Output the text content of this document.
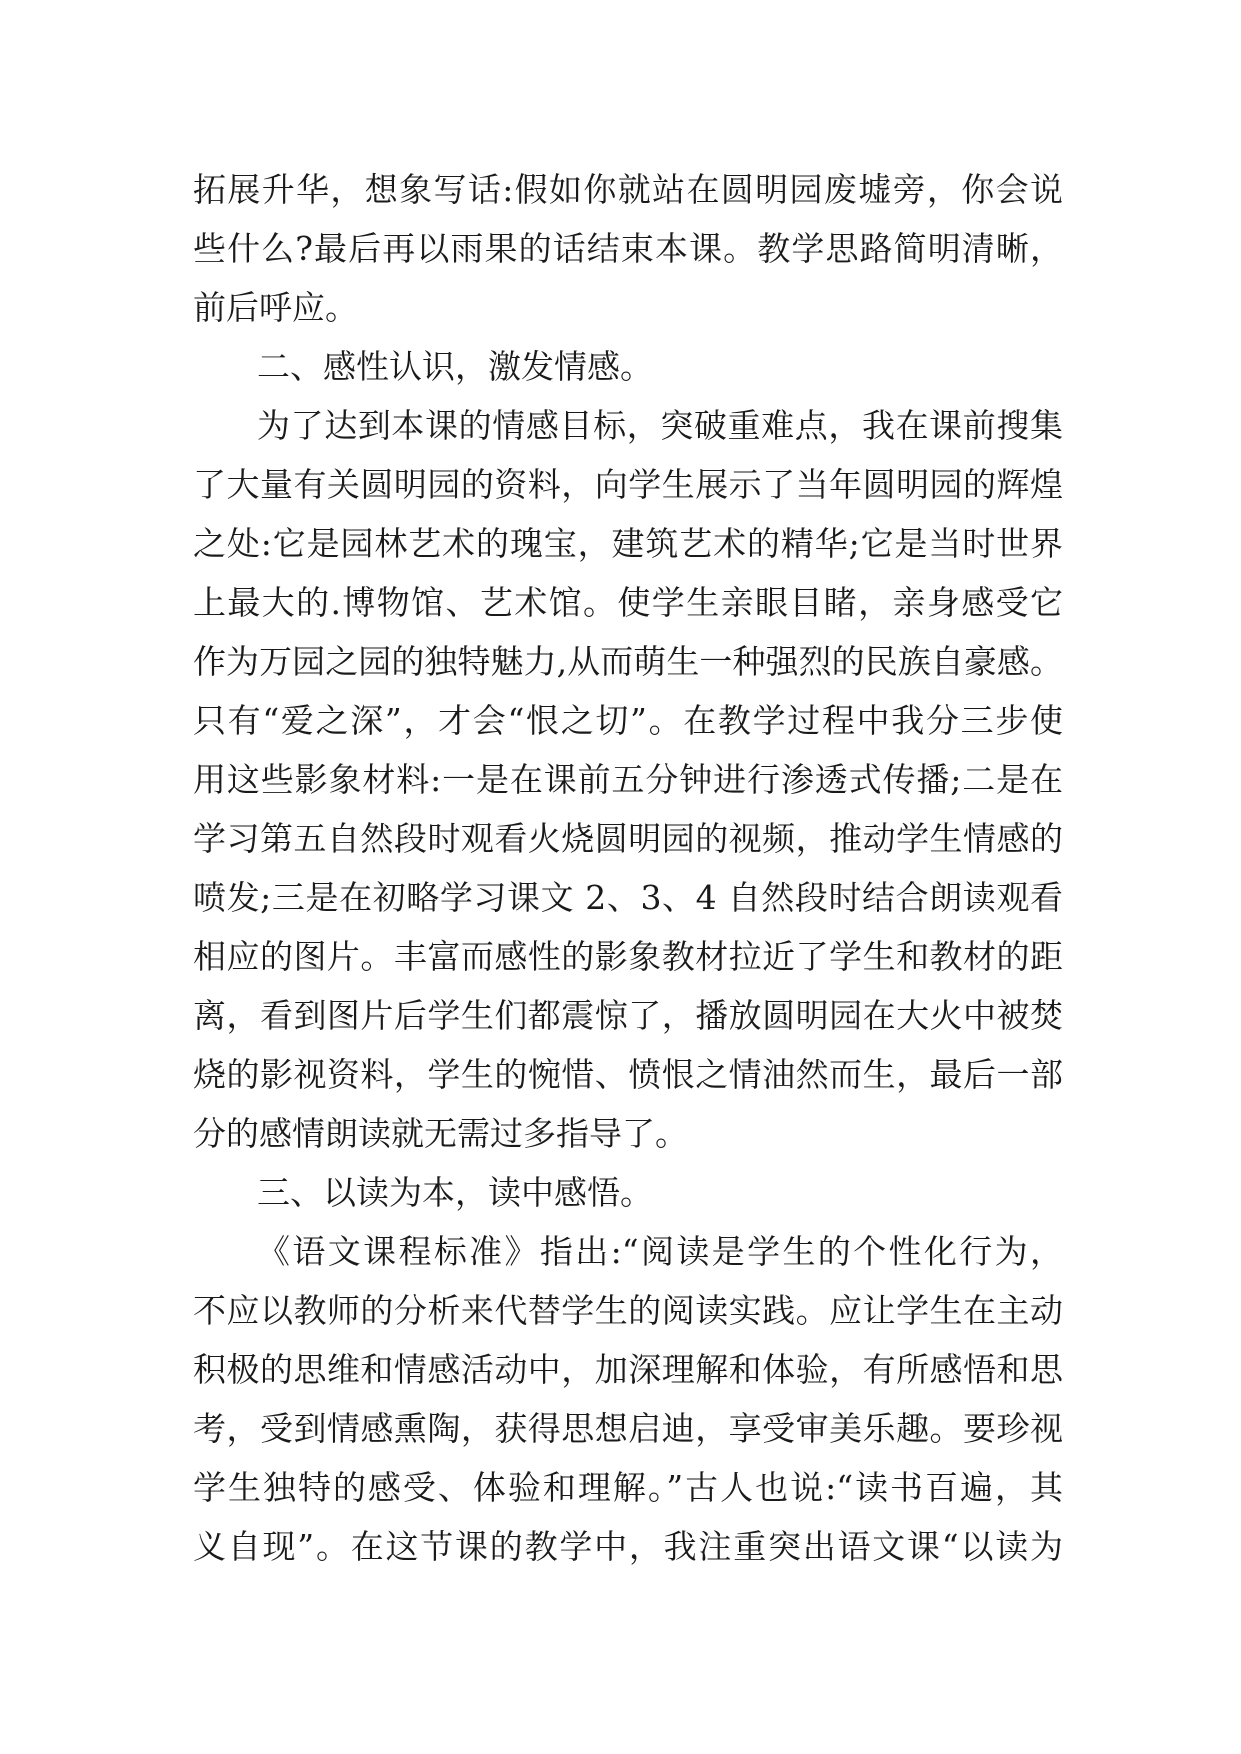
拓展升华，想象写话:假如你就站在圆明园废墟旁，你会说
些什么?最后再以雨果的话结束本课。教学思路简明清晰，
前后呼应。
二、感性认识，激发情感。
为了达到本课的情感目标，突破重难点，我在课前搜集
了大量有关圆明园的资料，向学生展示了当年圆明园的辉煌
之处:它是园林艺术的瑰宝，建筑艺术的精华;它是当时世界
上最大的.博物馆、艺术馆。使学生亲眼目睹，亲身感受它
作为万园之园的独特魅力,从而萌生一种强烈的民族自豪感。
只有“爱之深”，才会“恨之切”。在教学过程中我分三步使
用这些影象材料:一是在课前五分钟进行渗透式传播;二是在
学习第五自然段时观看火烧圆明园的视频，推动学生情感的
喷发;三是在初略学习课文 2、3、4 自然段时结合朗读观看
相应的图片。丰富而感性的影象教材拉近了学生和教材的距
离，看到图片后学生们都震惊了，播放圆明园在大火中被焚
烧的影视资料，学生的惋惜、愤恨之情油然而生，最后一部
分的感情朗读就无需过多指导了。
三、以读为本，读中感悟。
《语文课程标准》指出:“阅读是学生的个性化行为，
不应以教师的分析来代替学生的阅读实践。应让学生在主动
积极的思维和情感活动中，加深理解和体验，有所感悟和思
考，受到情感熏陶，获得思想启迪，享受审美乐趣。要珍视
学生独特的感受、体验和理解。”古人也说:“读书百遍，其
义自现”。在这节课的教学中，我注重突出语文课“以读为
